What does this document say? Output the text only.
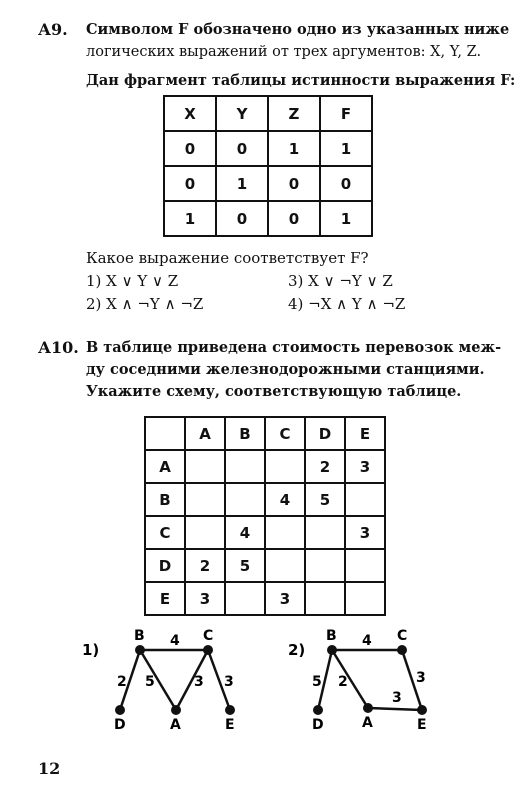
А9. Символом F обозначено одно из указанных ниже
логических выражений от трех аргументов: X, Y, Z.
Дан фрагмент таблицы истинности выражения F:
X	Y	Z	F
0	0	1	1
0	1	0	0
1	0	0	1
Какое выражение соответствует F?
1) X ∨ Y ∨ Z	3) X ∨ ¬Y ∨ Z
2) X ∧ ¬Y ∧ ¬Z	4) ¬X ∧ Y ∧ ¬Z
А10. В таблице приведена стоимость перевозок меж-
ду соседними железнодорожными станциями.
Укажите схему, соответствующую таблице.
	A	B	C	D	E
A				2	3
B			4	5	
C		4			3
D	2	5			
E	3		3		
1)	4
2 5	3 3
B	C
D	A	E
2)	4
5 2	3
3
B	C
D	A	E
12
